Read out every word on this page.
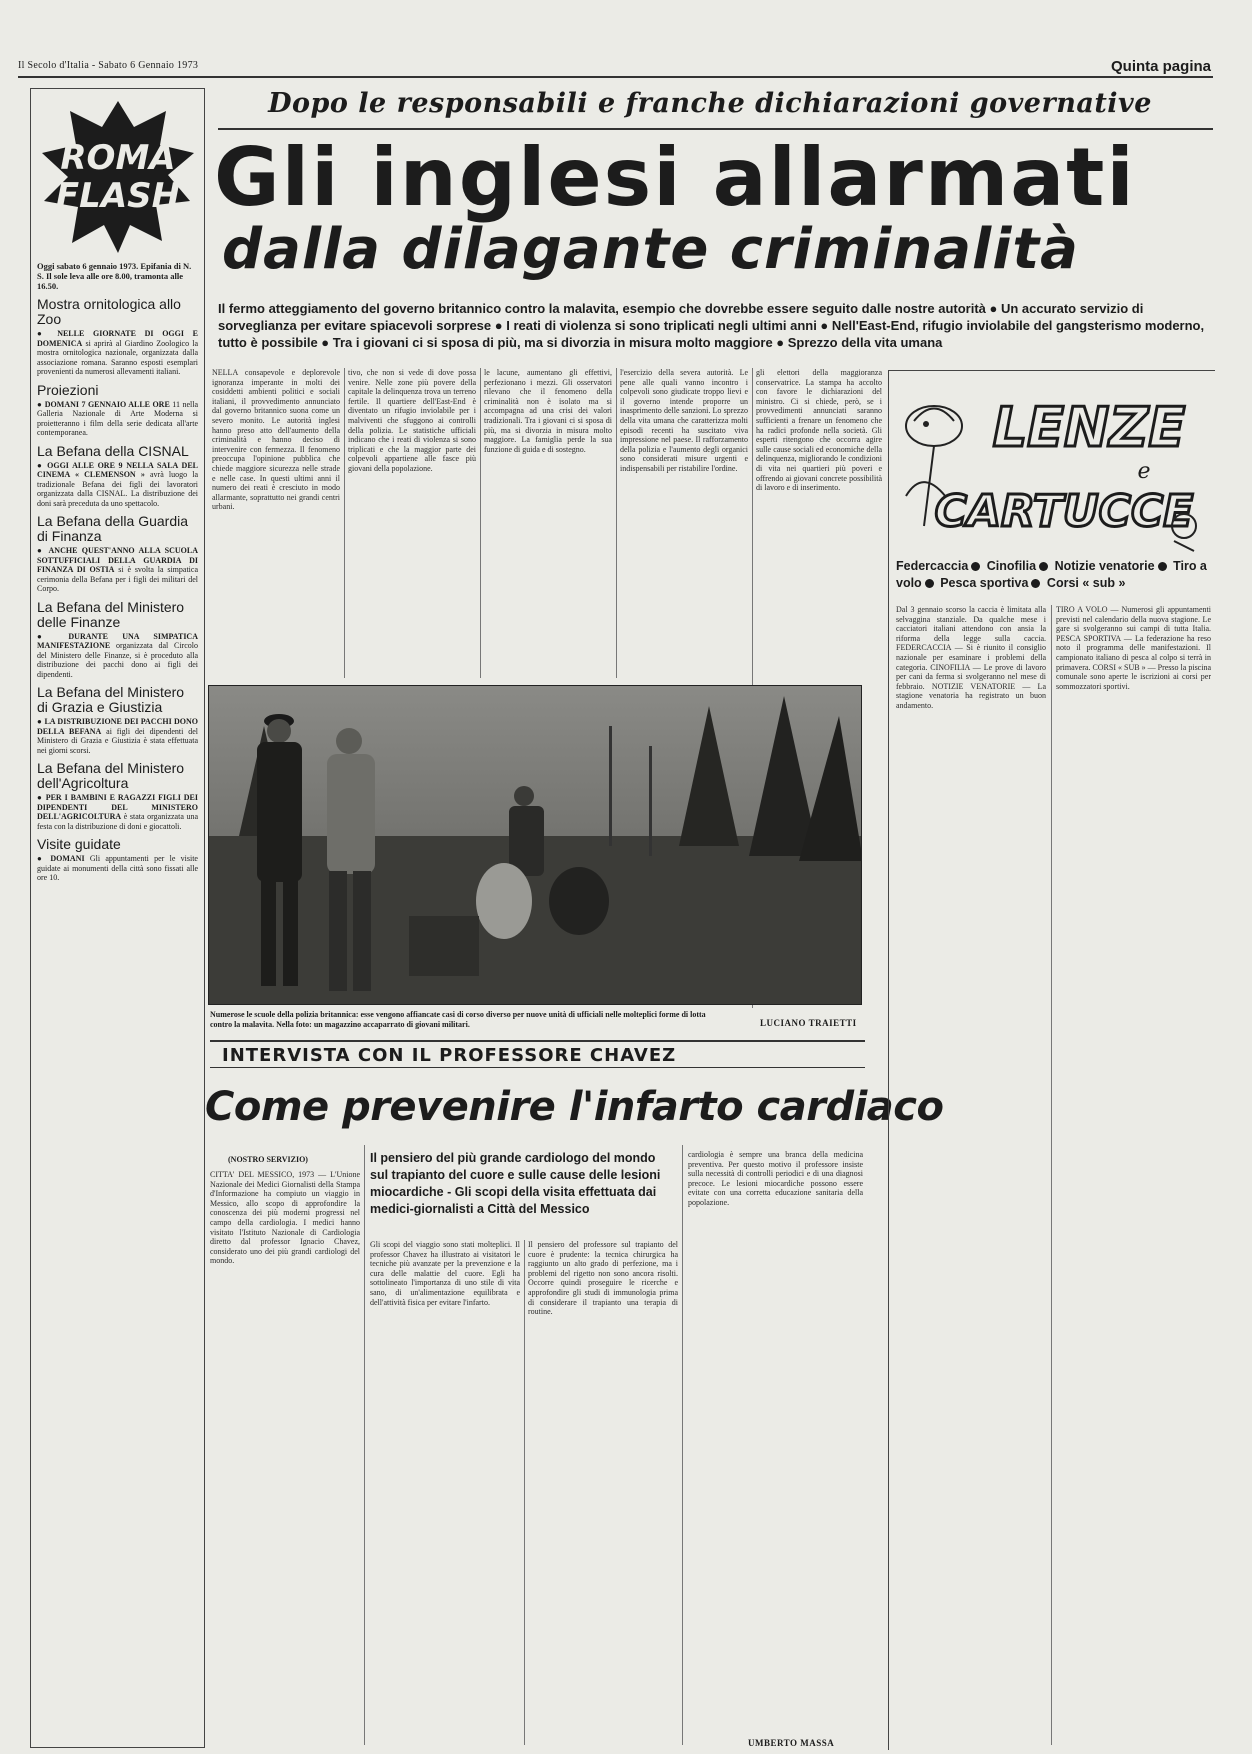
Il Secolo d'Italia - Sabato 6 Gennaio 1973	Quinta pagina
ROMA
FLASH
Oggi sabato 6 gennaio 1973. Epifania di N. S. Il sole leva alle ore 8.00, tramonta alle 16.50.
Mostra ornitologica allo Zoo
● NELLE GIORNATE DI OGGI E DOMENICA si aprirà al Giardino Zoologico la mostra ornitologica nazionale, organizzata dalla associazione romana. Saranno esposti esemplari provenienti da numerosi allevamenti italiani.
Proiezioni
● DOMANI 7 GENNAIO ALLE ORE 11 nella Galleria Nazionale di Arte Moderna si proietteranno i film della serie dedicata all'arte contemporanea.
La Befana della CISNAL
● OGGI ALLE ORE 9 NELLA SALA DEL CINEMA « CLEMENSON » avrà luogo la tradizionale Befana dei figli dei lavoratori organizzata dalla CISNAL. La distribuzione dei doni sarà preceduta da uno spettacolo.
La Befana della Guardia di Finanza
● ANCHE QUEST'ANNO ALLA SCUOLA SOTTUFFICIALI DELLA GUARDIA DI FINANZA DI OSTIA si è svolta la simpatica cerimonia della Befana per i figli dei militari del Corpo.
La Befana del Ministero delle Finanze
● DURANTE UNA SIMPATICA MANIFESTAZIONE organizzata dal Circolo del Ministero delle Finanze, si è proceduto alla distribuzione dei pacchi dono ai figli dei dipendenti.
La Befana del Ministero di Grazia e Giustizia
● LA DISTRIBUZIONE DEI PACCHI DONO DELLA BEFANA ai figli dei dipendenti del Ministero di Grazia e Giustizia è stata effettuata nei giorni scorsi.
La Befana del Ministero dell'Agricoltura
● PER I BAMBINI E RAGAZZI FIGLI DEI DIPENDENTI DEL MINISTERO DELL'AGRICOLTURA è stata organizzata una festa con la distribuzione di doni e giocattoli.
Visite guidate
● DOMANI Gli appuntamenti per le visite guidate ai monumenti della città sono fissati alle ore 10.
Dopo le responsabili e franche dichiarazioni governative
Gli inglesi allarmati
dalla dilagante criminalità
Il fermo atteggiamento del governo britannico contro la malavita, esempio che dovrebbe essere seguito dalle nostre autorità ● Un accurato servizio di sorveglianza per evitare spiacevoli sorprese ● I reati di violenza si sono triplicati negli ultimi anni ● Nell'East-End, rifugio inviolabile del gangsterismo moderno, tutto è possibile ● Tra i giovani ci si sposa di più, ma si divorzia in misura molto maggiore ● Sprezzo della vita umana
NELLA consapevole e deplorevole ignoranza imperante in molti dei cosiddetti ambienti politici e sociali italiani, il provvedimento annunciato dal governo britannico suona come un severo monito. Le autorità inglesi hanno preso atto dell'aumento della criminalità e hanno deciso di intervenire con fermezza. Il fenomeno preoccupa l'opinione pubblica che chiede maggiore sicurezza nelle strade e nelle case. In questi ultimi anni il numero dei reati è cresciuto in modo allarmante, soprattutto nei grandi centri urbani.
tivo, che non si vede di dove possa venire. Nelle zone più povere della capitale la delinquenza trova un terreno fertile. Il quartiere dell'East-End è diventato un rifugio inviolabile per i malviventi che sfuggono ai controlli della polizia. Le statistiche ufficiali indicano che i reati di violenza si sono triplicati e che la maggior parte dei colpevoli appartiene alle fasce più giovani della popolazione.
le lacune, aumentano gli effettivi, perfezionano i mezzi. Gli osservatori rilevano che il fenomeno della criminalità non è isolato ma si accompagna ad una crisi dei valori tradizionali. Tra i giovani ci si sposa di più, ma si divorzia in misura molto maggiore. La famiglia perde la sua funzione di guida e di sostegno.
l'esercizio della severa autorità. Le pene alle quali vanno incontro i colpevoli sono giudicate troppo lievi e il governo intende proporre un inasprimento delle sanzioni. Lo sprezzo della vita umana che caratterizza molti episodi recenti ha suscitato viva impressione nel paese. Il rafforzamento della polizia e l'aumento degli organici sono considerati misure urgenti e indispensabili per ristabilire l'ordine.
gli elettori della maggioranza conservatrice. La stampa ha accolto con favore le dichiarazioni del ministro. Ci si chiede, però, se i provvedimenti annunciati saranno sufficienti a frenare un fenomeno che ha radici profonde nella società. Gli esperti ritengono che occorra agire sulle cause sociali ed economiche della delinquenza, migliorando le condizioni di vita nei quartieri più poveri e offrendo ai giovani concrete possibilità di lavoro e di inserimento.
Numerose le scuole della polizia britannica: esse vengono affiancate casi di corso diverso per nuove unità di ufficiali nelle molteplici forme di lotta contro la malavita. Nella foto: un magazzino accaparrato di giovani militari.	LUCIANO TRAIETTI
INTERVISTA CON IL PROFESSORE CHAVEZ
Come prevenire l'infarto cardiaco
(NOSTRO SERVIZIO)	Il pensiero del più grande cardiologo del mondo sul trapianto del cuore e sulle cause delle lesioni miocardiche - Gli scopi della visita effettuata dai medici-giornalisti a Città del Messico
CITTA' DEL MESSICO, 1973 — L'Unione Nazionale dei Medici Giornalisti della Stampa d'Informazione ha compiuto un viaggio in Messico, allo scopo di approfondire la conoscenza dei più moderni progressi nel campo della cardiologia. I medici hanno visitato l'Istituto Nazionale di Cardiologia diretto dal professor Ignacio Chavez, considerato uno dei più grandi cardiologi del mondo.
Gli scopi del viaggio sono stati molteplici. Il professor Chavez ha illustrato ai visitatori le tecniche più avanzate per la prevenzione e la cura delle malattie del cuore. Egli ha sottolineato l'importanza di uno stile di vita sano, di un'alimentazione equilibrata e dell'attività fisica per evitare l'infarto.
Il pensiero del professore sul trapianto del cuore è prudente: la tecnica chirurgica ha raggiunto un alto grado di perfezione, ma i problemi del rigetto non sono ancora risolti. Occorre quindi proseguire le ricerche e approfondire gli studi di immunologia prima di considerare il trapianto una terapia di routine.
cardiologia è sempre una branca della medicina preventiva. Per questo motivo il professore insiste sulla necessità di controlli periodici e di una diagnosi precoce. Le lesioni miocardiche possono essere evitate con una corretta educazione sanitaria della popolazione.
UMBERTO MASSA
LENZE
e
CARTUCCE
Federcaccia Cinofilia Notizie venatorie Tiro a volo Pesca sportiva Corsi « sub »
Dal 3 gennaio scorso la caccia è limitata alla selvaggina stanziale. Da qualche mese i cacciatori italiani attendono con ansia la riforma della legge sulla caccia. FEDERCACCIA — Si è riunito il consiglio nazionale per esaminare i problemi della categoria. CINOFILIA — Le prove di lavoro per cani da ferma si svolgeranno nel mese di febbraio. NOTIZIE VENATORIE — La stagione venatoria ha registrato un buon andamento.
TIRO A VOLO — Numerosi gli appuntamenti previsti nel calendario della nuova stagione. Le gare si svolgeranno sui campi di tutta Italia. PESCA SPORTIVA — La federazione ha reso noto il programma delle manifestazioni. Il campionato italiano di pesca al colpo si terrà in primavera. CORSI « SUB » — Presso la piscina comunale sono aperte le iscrizioni ai corsi per sommozzatori sportivi.
